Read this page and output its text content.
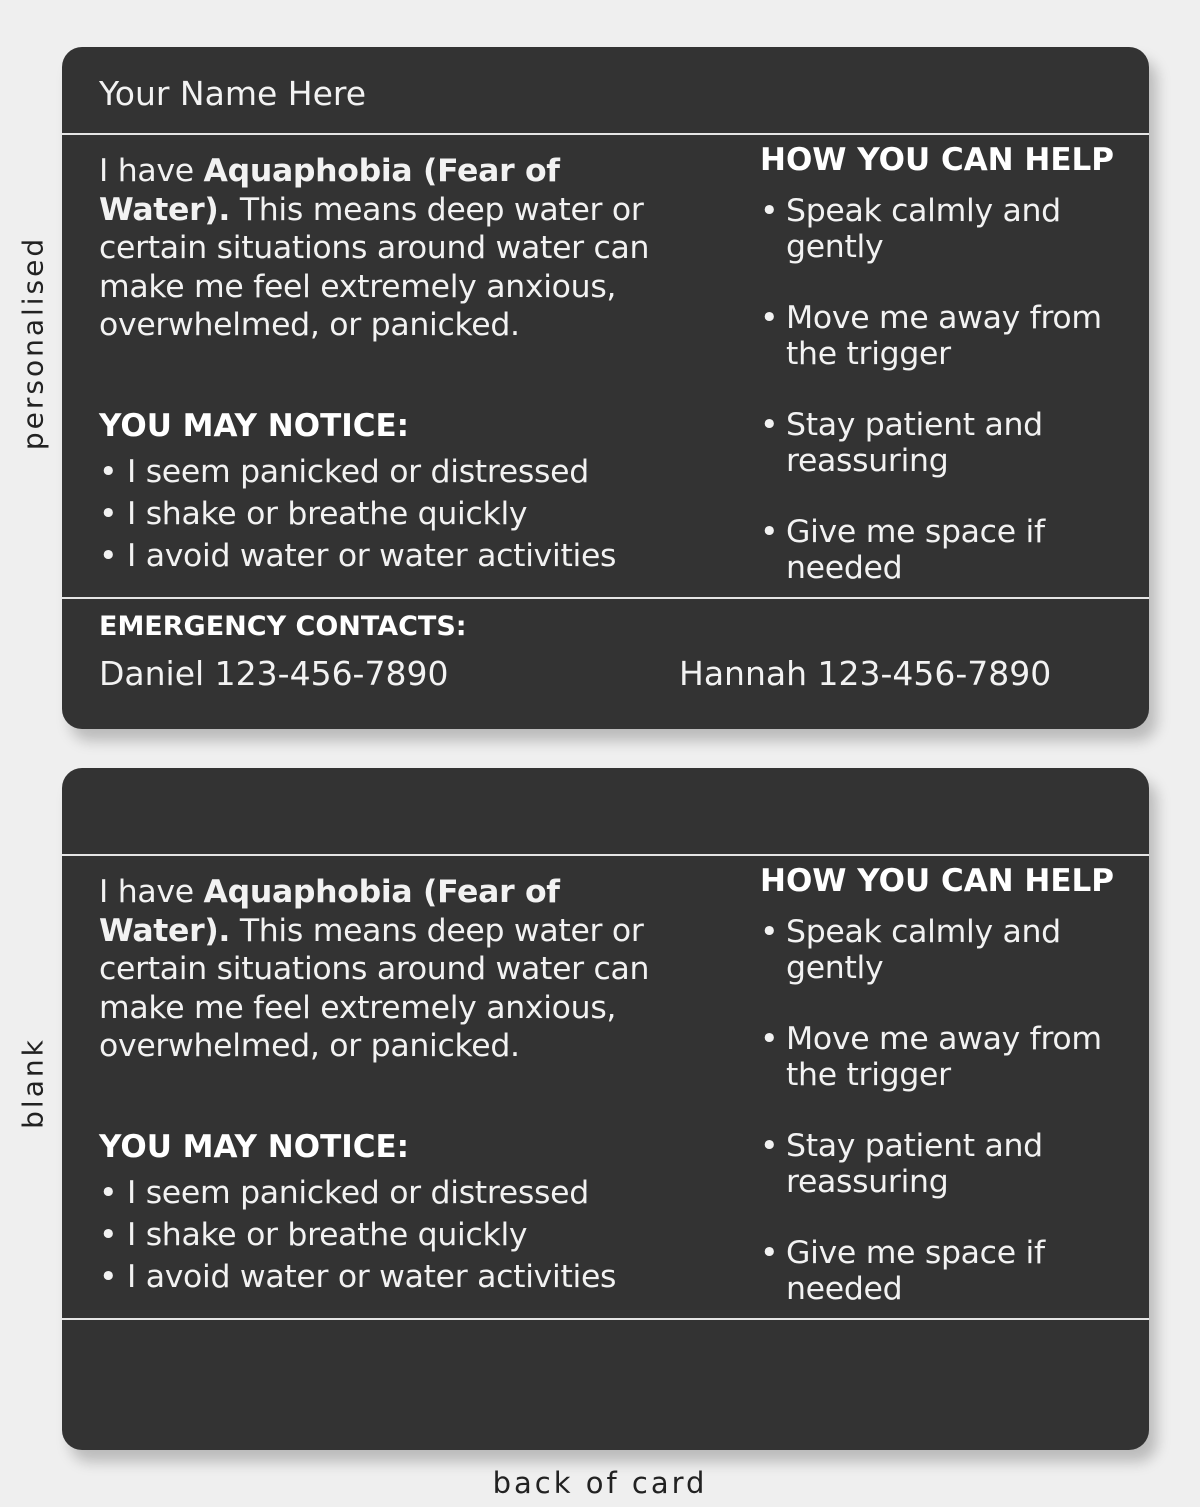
personalised
blank
Your Name Here
I have Aquaphobia (Fear of Water). This means deep water or certain situations around water can make me feel extremely anxious, overwhelmed, or panicked.
YOU MAY NOTICE:
• I seem panicked or distressed
• I shake or breathe quickly
• I avoid water or water activities
HOW YOU CAN HELP
• Speak calmly and gently
• Move me away from the trigger
• Stay patient and reassuring
• Give me space if needed
EMERGENCY CONTACTS:
Daniel 123-456-7890	Hannah 123-456-7890
I have Aquaphobia (Fear of Water). This means deep water or certain situations around water can make me feel extremely anxious, overwhelmed, or panicked.
YOU MAY NOTICE:
• I seem panicked or distressed
• I shake or breathe quickly
• I avoid water or water activities
HOW YOU CAN HELP
• Speak calmly and gently
• Move me away from the trigger
• Stay patient and reassuring
• Give me space if needed
back of card
